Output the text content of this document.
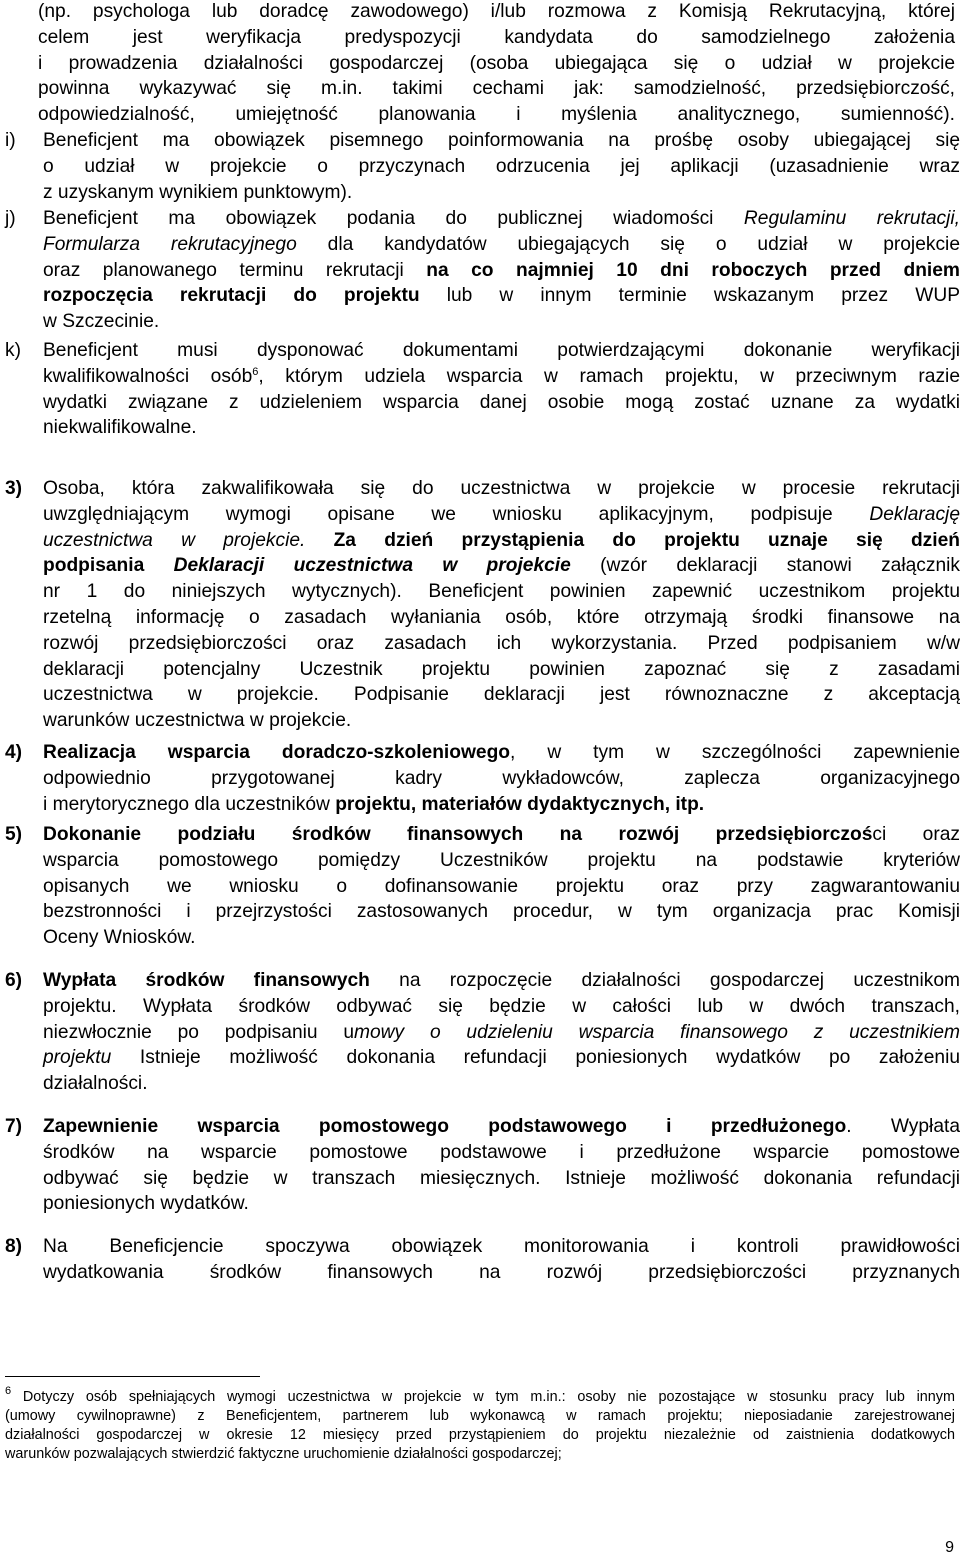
(np. psychologa lub doradcę zawodowego) i/lub rozmowa z Komisją Rekrutacyjną, której
celem jest weryfikacja predyspozycji kandydata do samodzielnego założenia
i prowadzenia działalności gospodarczej (osoba ubiegająca się o udział w projekcie
powinna wykazywać się m.in. takimi cechami jak: samodzielność, przedsiębiorczość,
odpowiedzialność, umiejętność planowania i myślenia analitycznego, sumienność).
i) Beneficjent ma obowiązek pisemnego poinformowania na prośbę osoby ubiegającej się
o udział w projekcie o przyczynach odrzucenia jej aplikacji (uzasadnienie wraz
z uzyskanym wynikiem punktowym).
j) Beneficjent ma obowiązek podania do publicznej wiadomości Regulaminu rekrutacji,
Formularza rekrutacyjnego dla kandydatów ubiegających się o udział w projekcie
oraz planowanego terminu rekrutacji na co najmniej 10 dni roboczych przed dniem
rozpoczęcia rekrutacji do projektu lub w innym terminie wskazanym przez WUP
w Szczecinie.
k) Beneficjent musi dysponować dokumentami potwierdzającymi dokonanie weryfikacji
kwalifikowalności osób$^6$, którym udziela wsparcia w ramach projektu, w przeciwnym razie
wydatki związane z udzieleniem wsparcia danej osobie mogą zostać uznane za wydatki
niekwalifikowalne.
3) Osoba, która zakwalifikowała się do uczestnictwa w projekcie w procesie rekrutacji
uwzględniającym wymogi opisane we wniosku aplikacyjnym, podpisuje Deklarację
uczestnictwa w projekcie. Za dzień przystąpienia do projektu uznaje się dzień
podpisania Deklaracji uczestnictwa w projekcie (wzór deklaracji stanowi załącznik
nr 1 do niniejszych wytycznych). Beneficjent powinien zapewnić uczestnikom projektu
rzetelną informację o zasadach wyłaniania osób, które otrzymają środki finansowe na
rozwój przedsiębiorczości oraz zasadach ich wykorzystania. Przed podpisaniem w/w
deklaracji potencjalny Uczestnik projektu powinien zapoznać się z zasadami
uczestnictwa w projekcie. Podpisanie deklaracji jest równoznaczne z akceptacją
warunków uczestnictwa w projekcie.
4) Realizacja wsparcia doradczo-szkoleniowego, w tym w szczególności zapewnienie
odpowiednio przygotowanej kadry wykładowców, zaplecza organizacyjnego
i merytorycznego dla uczestników projektu, materiałów dydaktycznych, itp.
5) Dokonanie podziału środków finansowych na rozwój przedsiębiorczości oraz
wsparcia pomostowego pomiędzy Uczestników projektu na podstawie kryteriów
opisanych we wniosku o dofinansowanie projektu oraz przy zagwarantowaniu
bezstronności i przejrzystości zastosowanych procedur, w tym organizacja prac Komisji
Oceny Wniosków.
6) Wypłata środków finansowych na rozpoczęcie działalności gospodarczej uczestnikom
projektu. Wypłata środków odbywać się będzie w całości lub w dwóch transzach,
niezwłocznie po podpisaniu umowy o udzieleniu wsparcia finansowego z uczestnikiem
projektu Istnieje możliwość dokonania refundacji poniesionych wydatków po założeniu
działalności.
7) Zapewnienie wsparcia pomostowego podstawowego i przedłużonego. Wypłata
środków na wsparcie pomostowe podstawowe i przedłużone wsparcie pomostowe
odbywać się będzie w transzach miesięcznych. Istnieje możliwość dokonania refundacji
poniesionych wydatków.
8) Na Beneficjencie spoczywa obowiązek monitorowania i kontroli prawidłowości
wydatkowania środków finansowych na rozwój przedsiębiorczości przyznanych
$^6$ Dotyczy osób spełniających wymogi uczestnictwa w projekcie w tym m.in.: osoby nie pozostające w stosunku pracy lub innym
(umowy cywilnoprawne) z Beneficjentem, partnerem lub wykonawcą w ramach projektu; nieposiadanie zarejestrowanej
działalności gospodarczej w okresie 12 miesięcy przed przystąpieniem do projektu niezależnie od zaistnienia dodatkowych
warunków pozwalających stwierdzić faktyczne uruchomienie działalności gospodarczej;
9
